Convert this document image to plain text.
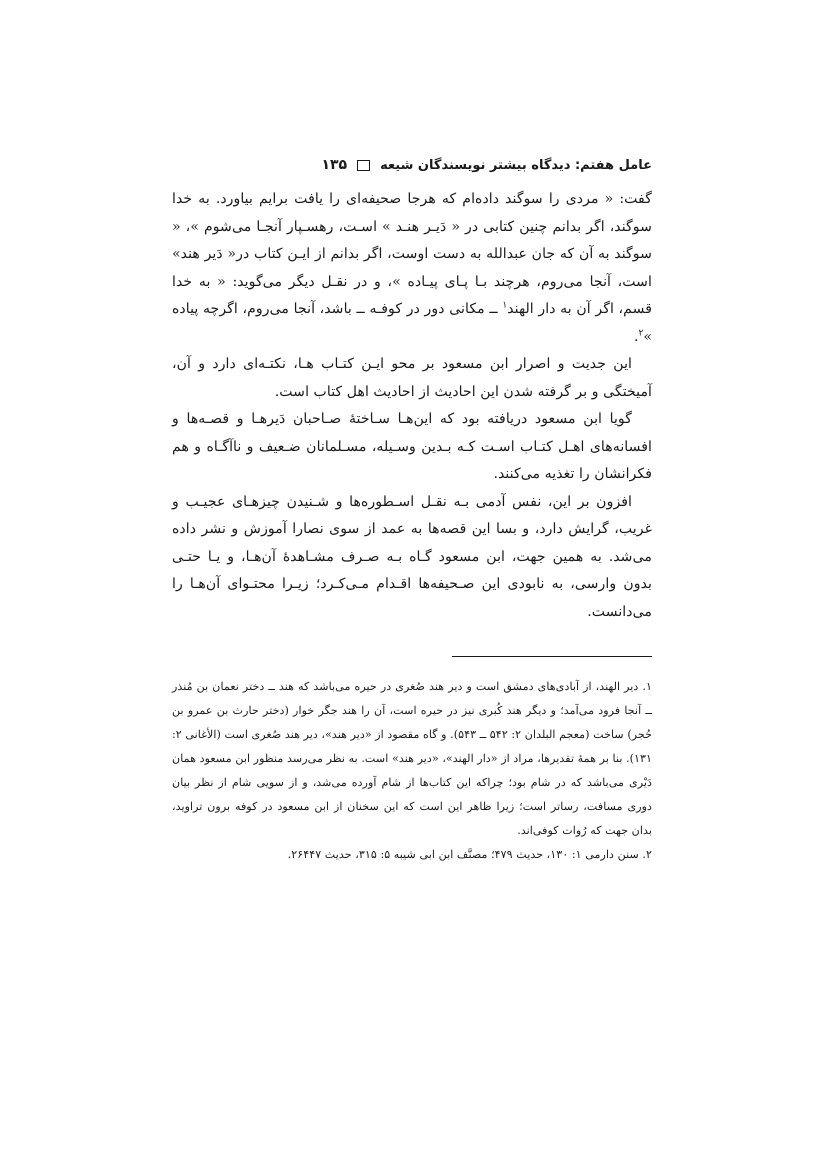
عامل هفتم: دیدگاه بیشتر نویسندگان شیعه
۱۳۵

گفت: « مردی را سوگند داده‌ام که هرجا صحیفه‌ای را یافت برایم بیاورد. به خدا سوگند، اگر بدانم چنین کتابی در « دَیـر هنـد » اسـت، رهسـپار آنجـا می‌شوم »، « سوگند به آن که جان عبدالله به دست اوست، اگر بدانم از ایـن کتاب در« دَیر هند» است، آنجا می‌روم، هرچند بـا پـای پیـاده »، و در نقـل دیگر می‌گوید: « به خدا قسم، اگر آن به دار الهند$^۱$ ــ مکانی دور در کوفـه ــ باشد، آنجا می‌روم، اگرچه پیاده »$^۲$.

این جدیت و اصرار ابن مسعود بر محو ایـن کتـاب هـا، نکتـه‌ای دارد و آن، آمیختگی و بر گرفته شدن این احادیث از احادیث اهل کتاب است.

گویا ابن مسعود دریافته بود که این‌هـا سـاختۀ صـاحبان دَیرهـا و قصـه‌ها و افسانه‌های اهـل کتـاب اسـت کـه بـدین وسـیله، مسـلمانان ضـعیف و ناآگـاه و هم فکرانشان را تغذیه می‌کنند.

افزون بر این، نفس آدمی بـه نقـل اسـطوره‌ها و شـنیدن چیزهـای عجیـب و غریب، گرایش دارد، و بسا این قصه‌ها به عمد از سوی نصارا آموزش و نشر داده می‌شد. به همین جهت، ابن مسعود گـاه بـه صـرف مشـاهدۀ آن‌هـا، و یـا حتـی بدون وارسی، به نابودی این صـحیفه‌ها اقـدام مـی‌کـرد؛ زیـرا محتـوای آن‌هـا را می‌دانست.

۱. دیر الهند، از آبادی‌های دمشق است و دیر هند صُغری در حیره می‌باشد که هند ــ دختر نعمان بن مُنذر ــ آنجا فرود می‌آمد؛ و دیگر هند کُبری نیز در حیره است، آن را هند جگر خوار (دختر حارث بن عمرو بن حُجر) ساخت (معجم البلدان ۲: ۵۴۲ ــ ۵۴۳). و گاه مقصود از «دیر هند»، دیر هند صُغری است (الأغانی ۲: ۱۳۱). بنا بر همۀ تقدیرها، مراد از «دار الهند»، «دیر هند» است. به نظر می‌رسد منظور ابن مسعود همان دَیْری می‌باشد که در شام بود؛ چراکه این کتاب‌ها از شام آورده می‌شد، و از سویی شام از نظر بیان دوری مسافت، رساتر است؛ زیرا ظاهر این است که این سخنان از ابن مسعود در کوفه برون تراوید، بدان جهت که رُوات کوفی‌اند.

۲. سنن دارمی ۱: ۱۳۰، حدیث ۴۷۹؛ مصنَّف ابن ابی شیبه ۵: ۳۱۵، حدیث ۲۶۴۴۷.
